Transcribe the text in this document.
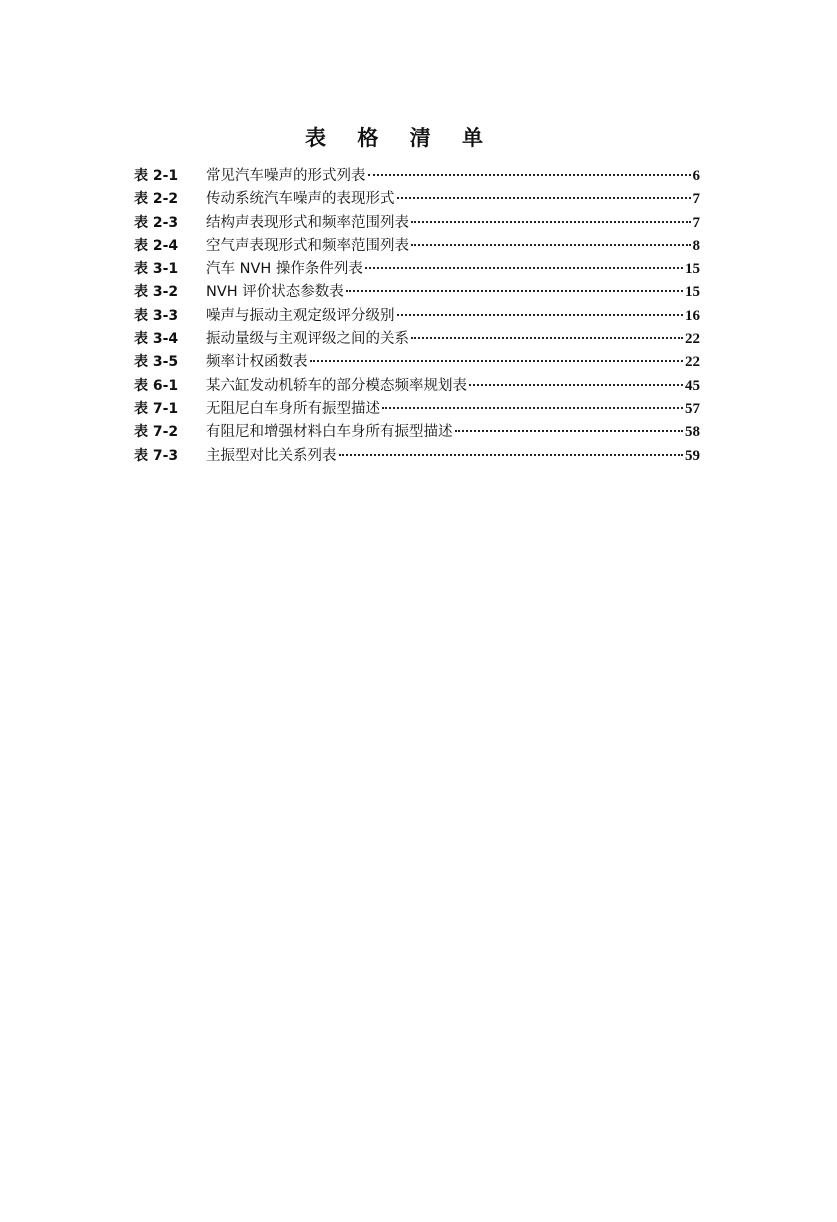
表 格 清 单
表 2-1	常见汽车噪声的形式列表	6
表 2-2	传动系统汽车噪声的表现形式	7
表 2-3	结构声表现形式和频率范围列表	7
表 2-4	空气声表现形式和频率范围列表	8
表 3-1	汽车 NVH 操作条件列表	15
表 3-2	NVH 评价状态参数表	15
表 3-3	噪声与振动主观定级评分级别	16
表 3-4	振动量级与主观评级之间的关系	22
表 3-5	频率计权函数表	22
表 6-1	某六缸发动机轿车的部分模态频率规划表	45
表 7-1	无阻尼白车身所有振型描述	57
表 7-2	有阻尼和增强材料白车身所有振型描述	58
表 7-3	主振型对比关系列表	59
